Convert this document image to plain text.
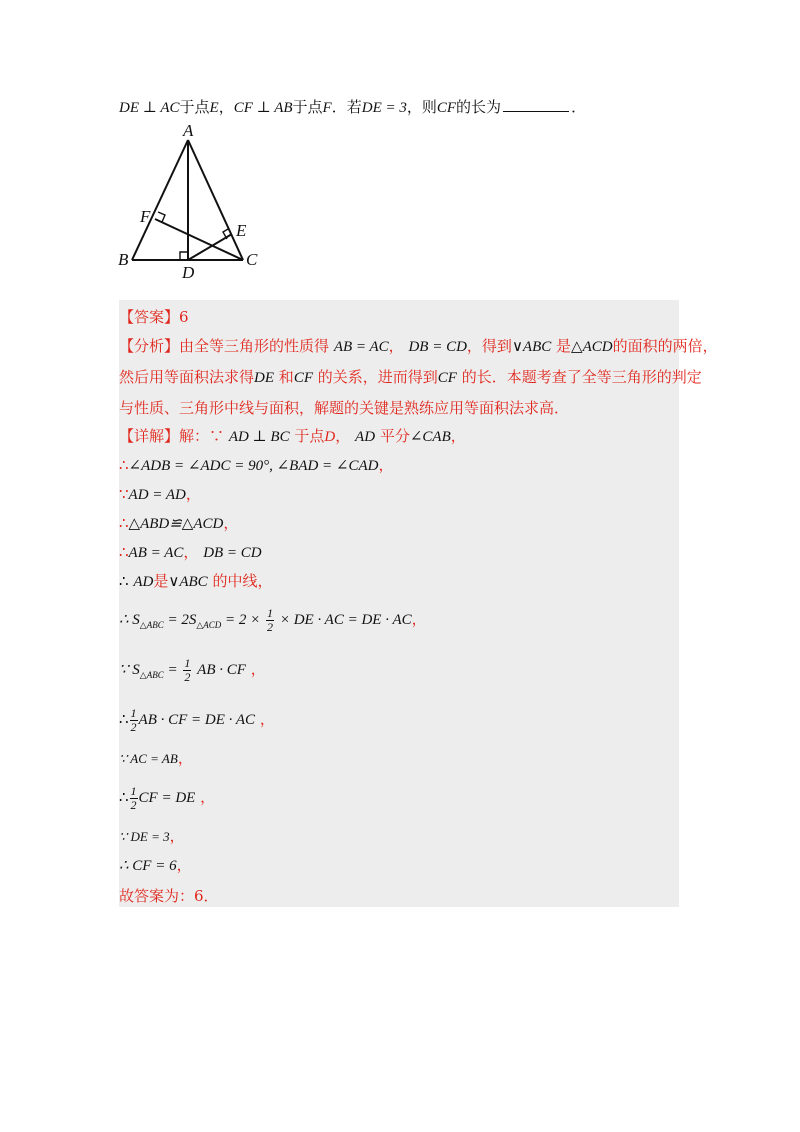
DE ⊥ AC于点E，CF ⊥ AB于点F．若DE = 3，则CF的长为	．
A
B	C
D
E
F
【答案】6
【分析】由全等三角形的性质得 AB = AC， DB = CD，得到∨ABC 是△ACD的面积的两倍，
然后用等面积法求得DE 和CF 的关系，进而得到CF 的长．本题考查了全等三角形的判定
与性质、三角形中线与面积，解题的关键是熟练应用等面积法求高．
【详解】解：∵ AD ⊥ BC 于点D， AD 平分∠CAB，
∴∠ADB = ∠ADC = 90°, ∠BAD = ∠CAD，
∵AD = AD，
∴△ABD≌△ACD，
∴AB = AC， DB = CD
∴ AD是∨ABC 的中线，
∴ $S_{\triangle ABC} = 2S_{\triangle ACD} = 2 \times \frac{1}{2}$ × DE · AC = DE · AC，
∵ $S_{\triangle ABC} = \frac{1}{2}$ AB · CF ，
∴ $\frac{1}{2}$ AB · CF = DE · AC ，
∵ AC = AB，
∴ $\frac{1}{2}$ CF = DE ，
∵ DE = 3，
∴ CF = 6，
故答案为：6．
